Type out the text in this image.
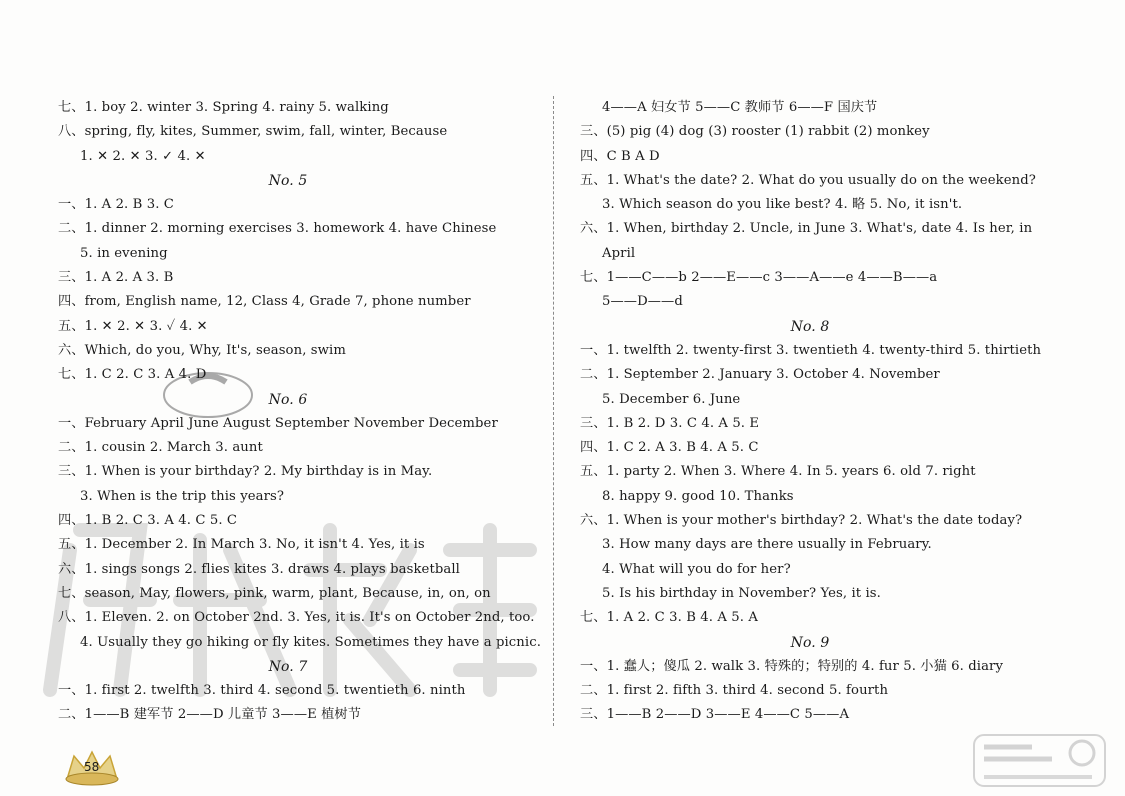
七、1. boy 2. winter 3. Spring 4. rainy 5. walking
八、spring, fly, kites, Summer, swim, fall, winter, Because
1. ✕ 2. ✕ 3. ✓ 4. ✕
No. 5
一、1. A 2. B 3. C
二、1. dinner 2. morning exercises 3. homework 4. have Chinese
5. in evening
三、1. A 2. A 3. B
四、from, English name, 12, Class 4, Grade 7, phone number
五、1. ✕ 2. ✕ 3. ✓ 4. ✕
六、Which, do you, Why, It's, season, swim
七、1. C 2. C 3. A 4. D
No. 6
一、February April June August September November December
二、1. cousin 2. March 3. aunt
三、1. When is your birthday? 2. My birthday is in May.
3. When is the trip this years?
四、1. B 2. C 3. A 4. C 5. C
五、1. December 2. In March 3. No, it isn't 4. Yes, it is
六、1. sings songs 2. flies kites 3. draws 4. plays basketball
七、season, May, flowers, pink, warm, plant, Because, in, on, on
八、1. Eleven. 2. on October 2nd. 3. Yes, it is. It's on October 2nd, too.
4. Usually they go hiking or fly kites. Sometimes they have a picnic.
No. 7
一、1. first 2. twelfth 3. third 4. second 5. twentieth 6. ninth
二、1——B 建军节 2——D 儿童节 3——E 植树节
4——A 妇女节 5——C 教师节 6——F 国庆节
三、(5) pig (4) dog (3) rooster (1) rabbit (2) monkey
四、C B A D
五、1. What's the date? 2. What do you usually do on the weekend?
3. Which season do you like best? 4. 略 5. No, it isn't.
六、1. When, birthday 2. Uncle, in June 3. What's, date 4. Is her, in
April
七、1——C——b 2——E——c 3——A——e 4——B——a
5——D——d
No. 8
一、1. twelfth 2. twenty-first 3. twentieth 4. twenty-third 5. thirtieth
二、1. September 2. January 3. October 4. November
5. December 6. June
三、1. B 2. D 3. C 4. A 5. E
四、1. C 2. A 3. B 4. A 5. C
五、1. party 2. When 3. Where 4. In 5. years 6. old 7. right
8. happy 9. good 10. Thanks
六、1. When is your mother's birthday? 2. What's the date today?
3. How many days are there usually in February.
4. What will you do for her?
5. Is his birthday in November? Yes, it is.
七、1. A 2. C 3. B 4. A 5. A
No. 9
一、1. 蠢人；傻瓜 2. walk 3. 特殊的；特别的 4. fur 5. 小猫 6. diary
二、1. first 2. fifth 3. third 4. second 5. fourth
三、1——B 2——D 3——E 4——C 5——A
58
